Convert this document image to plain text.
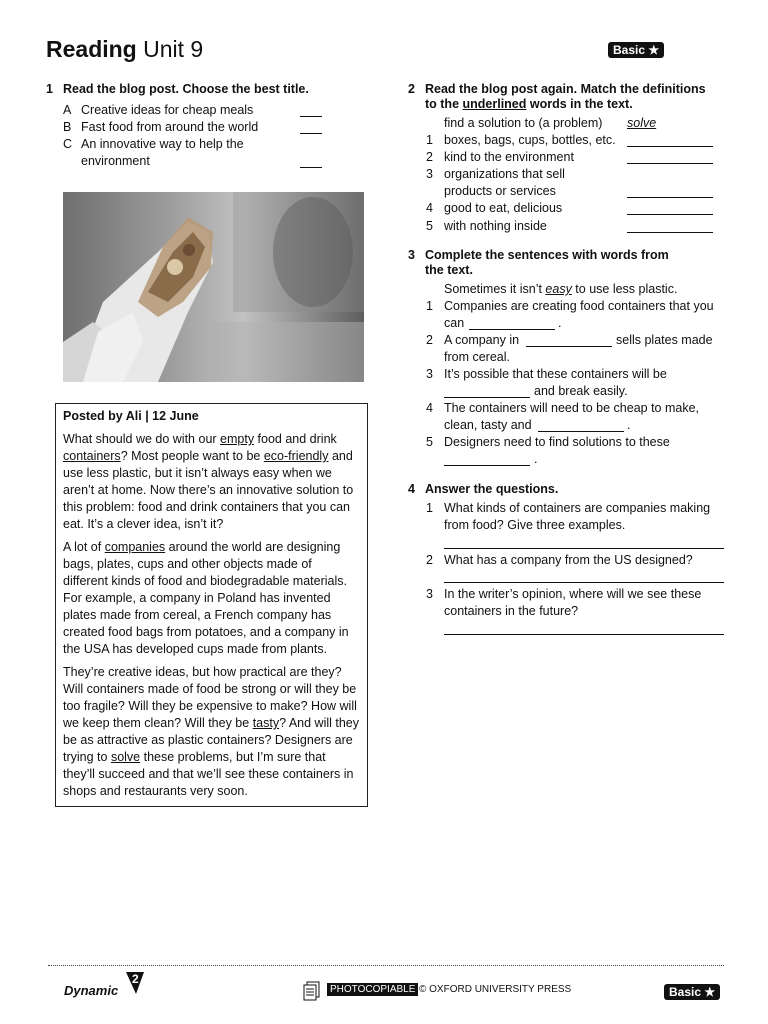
Reading Unit 9	Basic ★
1 Read the blog post. Choose the best title.
A Creative ideas for cheap meals
B Fast food from around the world
C An innovative way to help the
environment

Posted by Ali | 12 June

What should we do with our empty food and drink containers? Most people want to be eco-friendly and use less plastic, but it isn’t always easy when we aren’t at home. Now there’s an innovative solution to this problem: food and drink containers that you can eat. It’s a clever idea, isn’t it?

A lot of companies around the world are designing bags, plates, cups and other objects made of different kinds of food and biodegradable materials. For example, a company in Poland has invented plates made from cereal, a French company has created food bags from potatoes, and a company in the USA has developed cups made from plants.

They’re creative ideas, but how practical are they? Will containers made of food be strong or will they be too fragile? Will they be expensive to make? How will we keep them clean? Will they be tasty? And will they be as attractive as plastic containers? Designers are trying to solve these problems, but I’m sure that they’ll succeed and that we’ll see these containers in shops and restaurants very soon.

2 Read the blog post again. Match the definitions
to the underlined words in the text.
find a solution to (a problem) solve
1 boxes, bags, cups, bottles, etc.
2 kind to the environment
3 organizations that sell
products or services
4 good to eat, delicious
5 with nothing inside
3 Complete the sentences with words from
the text.
Sometimes it isn’t easy to use less plastic.
1 Companies are creating food containers that you
can	.
2 A company in	sells plates made
from cereal.
3 It’s possible that these containers will be
and break easily.
4 The containers will need to be cheap to make,
clean, tasty and	.
5 Designers need to find solutions to these
.
4 Answer the questions.
1 What kinds of containers are companies making
from food? Give three examples.
2 What has a company from the US designed?
3 In the writer’s opinion, where will we see these
containers in the future?
Dynamic
2
PHOTOCOPIABLE © OXFORD UNIVERSITY PRESS	Basic ★
